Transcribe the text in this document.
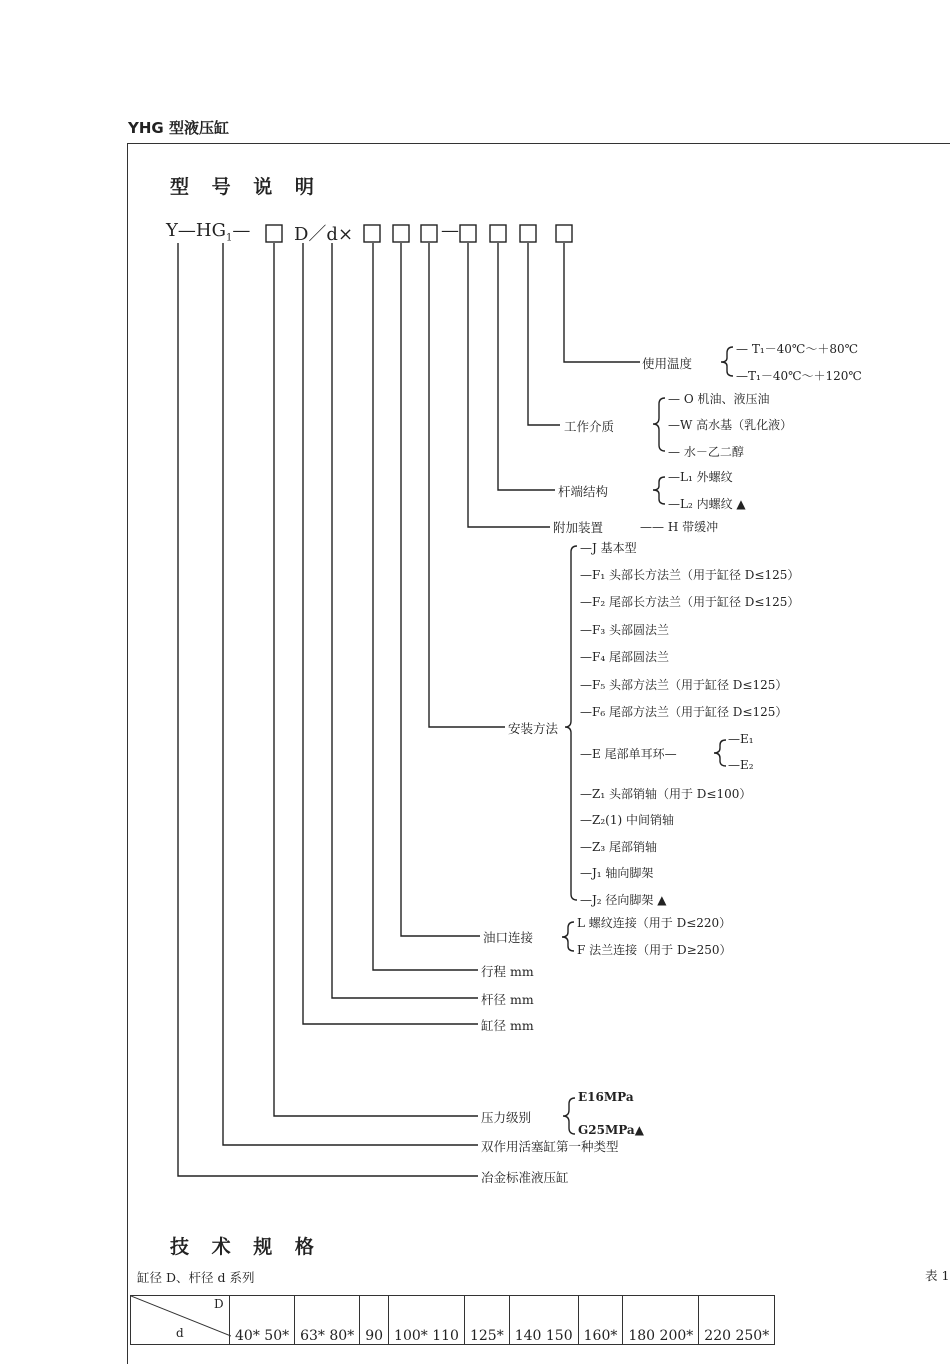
YHG 型液压缸
型 号 说 明
$Y—HG_1—$ D／d×	—
使用温度
工作介质
杆端结构
附加装置
安装方法
油口连接
行程 mm
杆径 mm
缸径 mm
压力级别
双作用活塞缸第一种类型
冶金标准液压缸
— T₁－40℃～＋80℃
—T₁－40℃～＋120℃
— O 机油、液压油
—W 高水基（乳化液）
— 水－乙二醇
—L₁ 外螺纹
—L₂ 内螺纹 ▲
—— H 带缓冲
—J 基本型
—F₁ 头部长方法兰（用于缸径 D≤125）
—F₂ 尾部长方法兰（用于缸径 D≤125）
—F₃ 头部圆法兰
—F₄ 尾部圆法兰
—F₅ 头部方法兰（用于缸径 D≤125）
—F₆ 尾部方法兰（用于缸径 D≤125）
—E 尾部单耳环—
—E₁
—E₂
—Z₁ 头部销轴（用于 D≤100）
—Z₂(1) 中间销轴
—Z₃ 尾部销轴
—J₁ 轴向脚架
—J₂ 径向脚架 ▲
L 螺纹连接（用于 D≤220）
F 法兰连接（用于 D≥250）
E16MPa
G25MPa▲
技 术 规 格
缸径 D、杆径 d 系列	表 1
	40* 50*	63* 80*	90	100* 110	125*	140 150	160*	180 200*	220 250*
D
d
